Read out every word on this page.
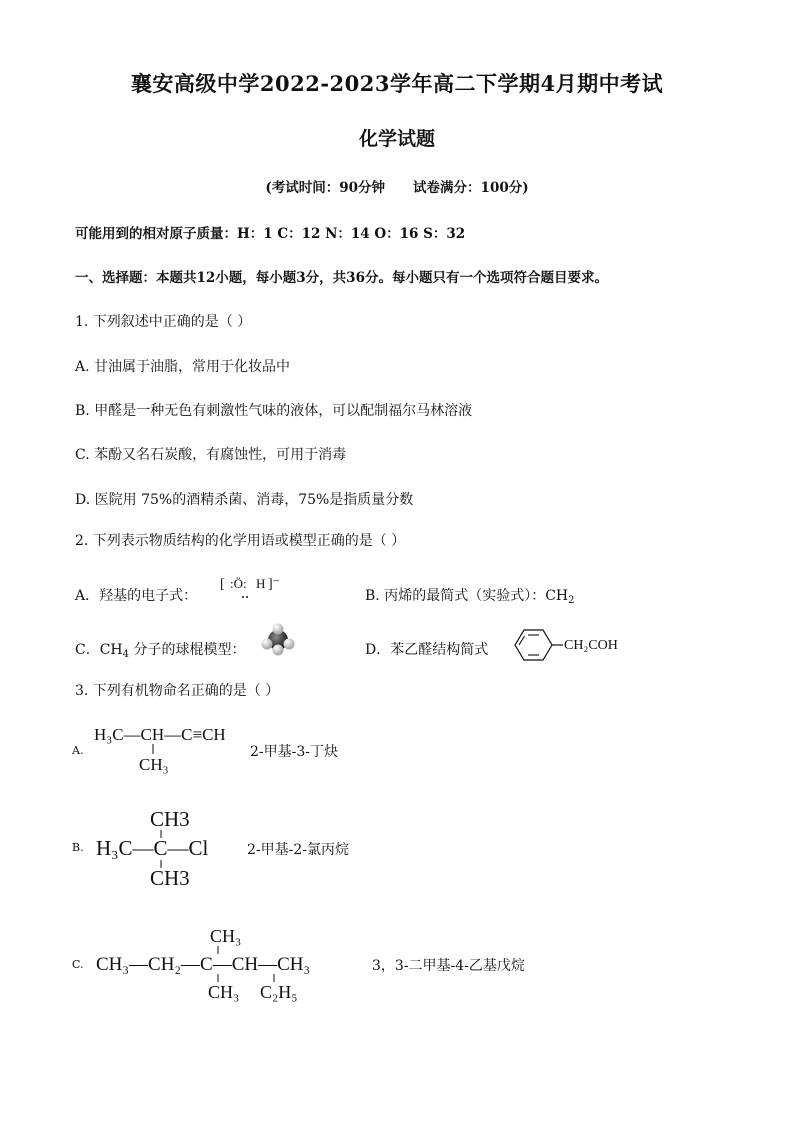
襄安高级中学2022-2023学年高二下学期4月期中考试
化学试题
(考试时间：90分钟 试卷满分：100分)
可能用到的相对原子质量：H：1 C：12 N：14 O：16 S：32
一、选择题：本题共12小题，每小题3分，共36分。每小题只有一个选项符合题目要求。
1. 下列叙述中正确的是（ ）
A. 甘油属于油脂，常用于化妆品中
B. 甲醛是一种无色有刺激性气味的液体，可以配制福尔马林溶液
C. 苯酚又名石炭酸，有腐蚀性，可用于消毒
D. 医院用 75%的酒精杀菌、消毒，75%是指质量分数
2. 下列表示物质结构的化学用语或模型正确的是（ ）
A．羟基的电子式：
[ :Ö: H ]⁻
B. 丙烯的最简式（实验式）：$CH_2$
C．$CH_4$ 分子的球棍模型：	D．苯乙醛结构简式	CH₂COH
3. 下列有机物命名正确的是（ ）
A.
H₃C—CH—C≡CH
CH₃
2-甲基-3-丁炔
B.
CH3
H₃C—C—Cl
CH3
2-甲基-2-氯丙烷
C.
CH₃
CH₃—CH₂—C—CH—CH₃
CH₃ C₂H₅
3，3-二甲基-4-乙基戊烷
